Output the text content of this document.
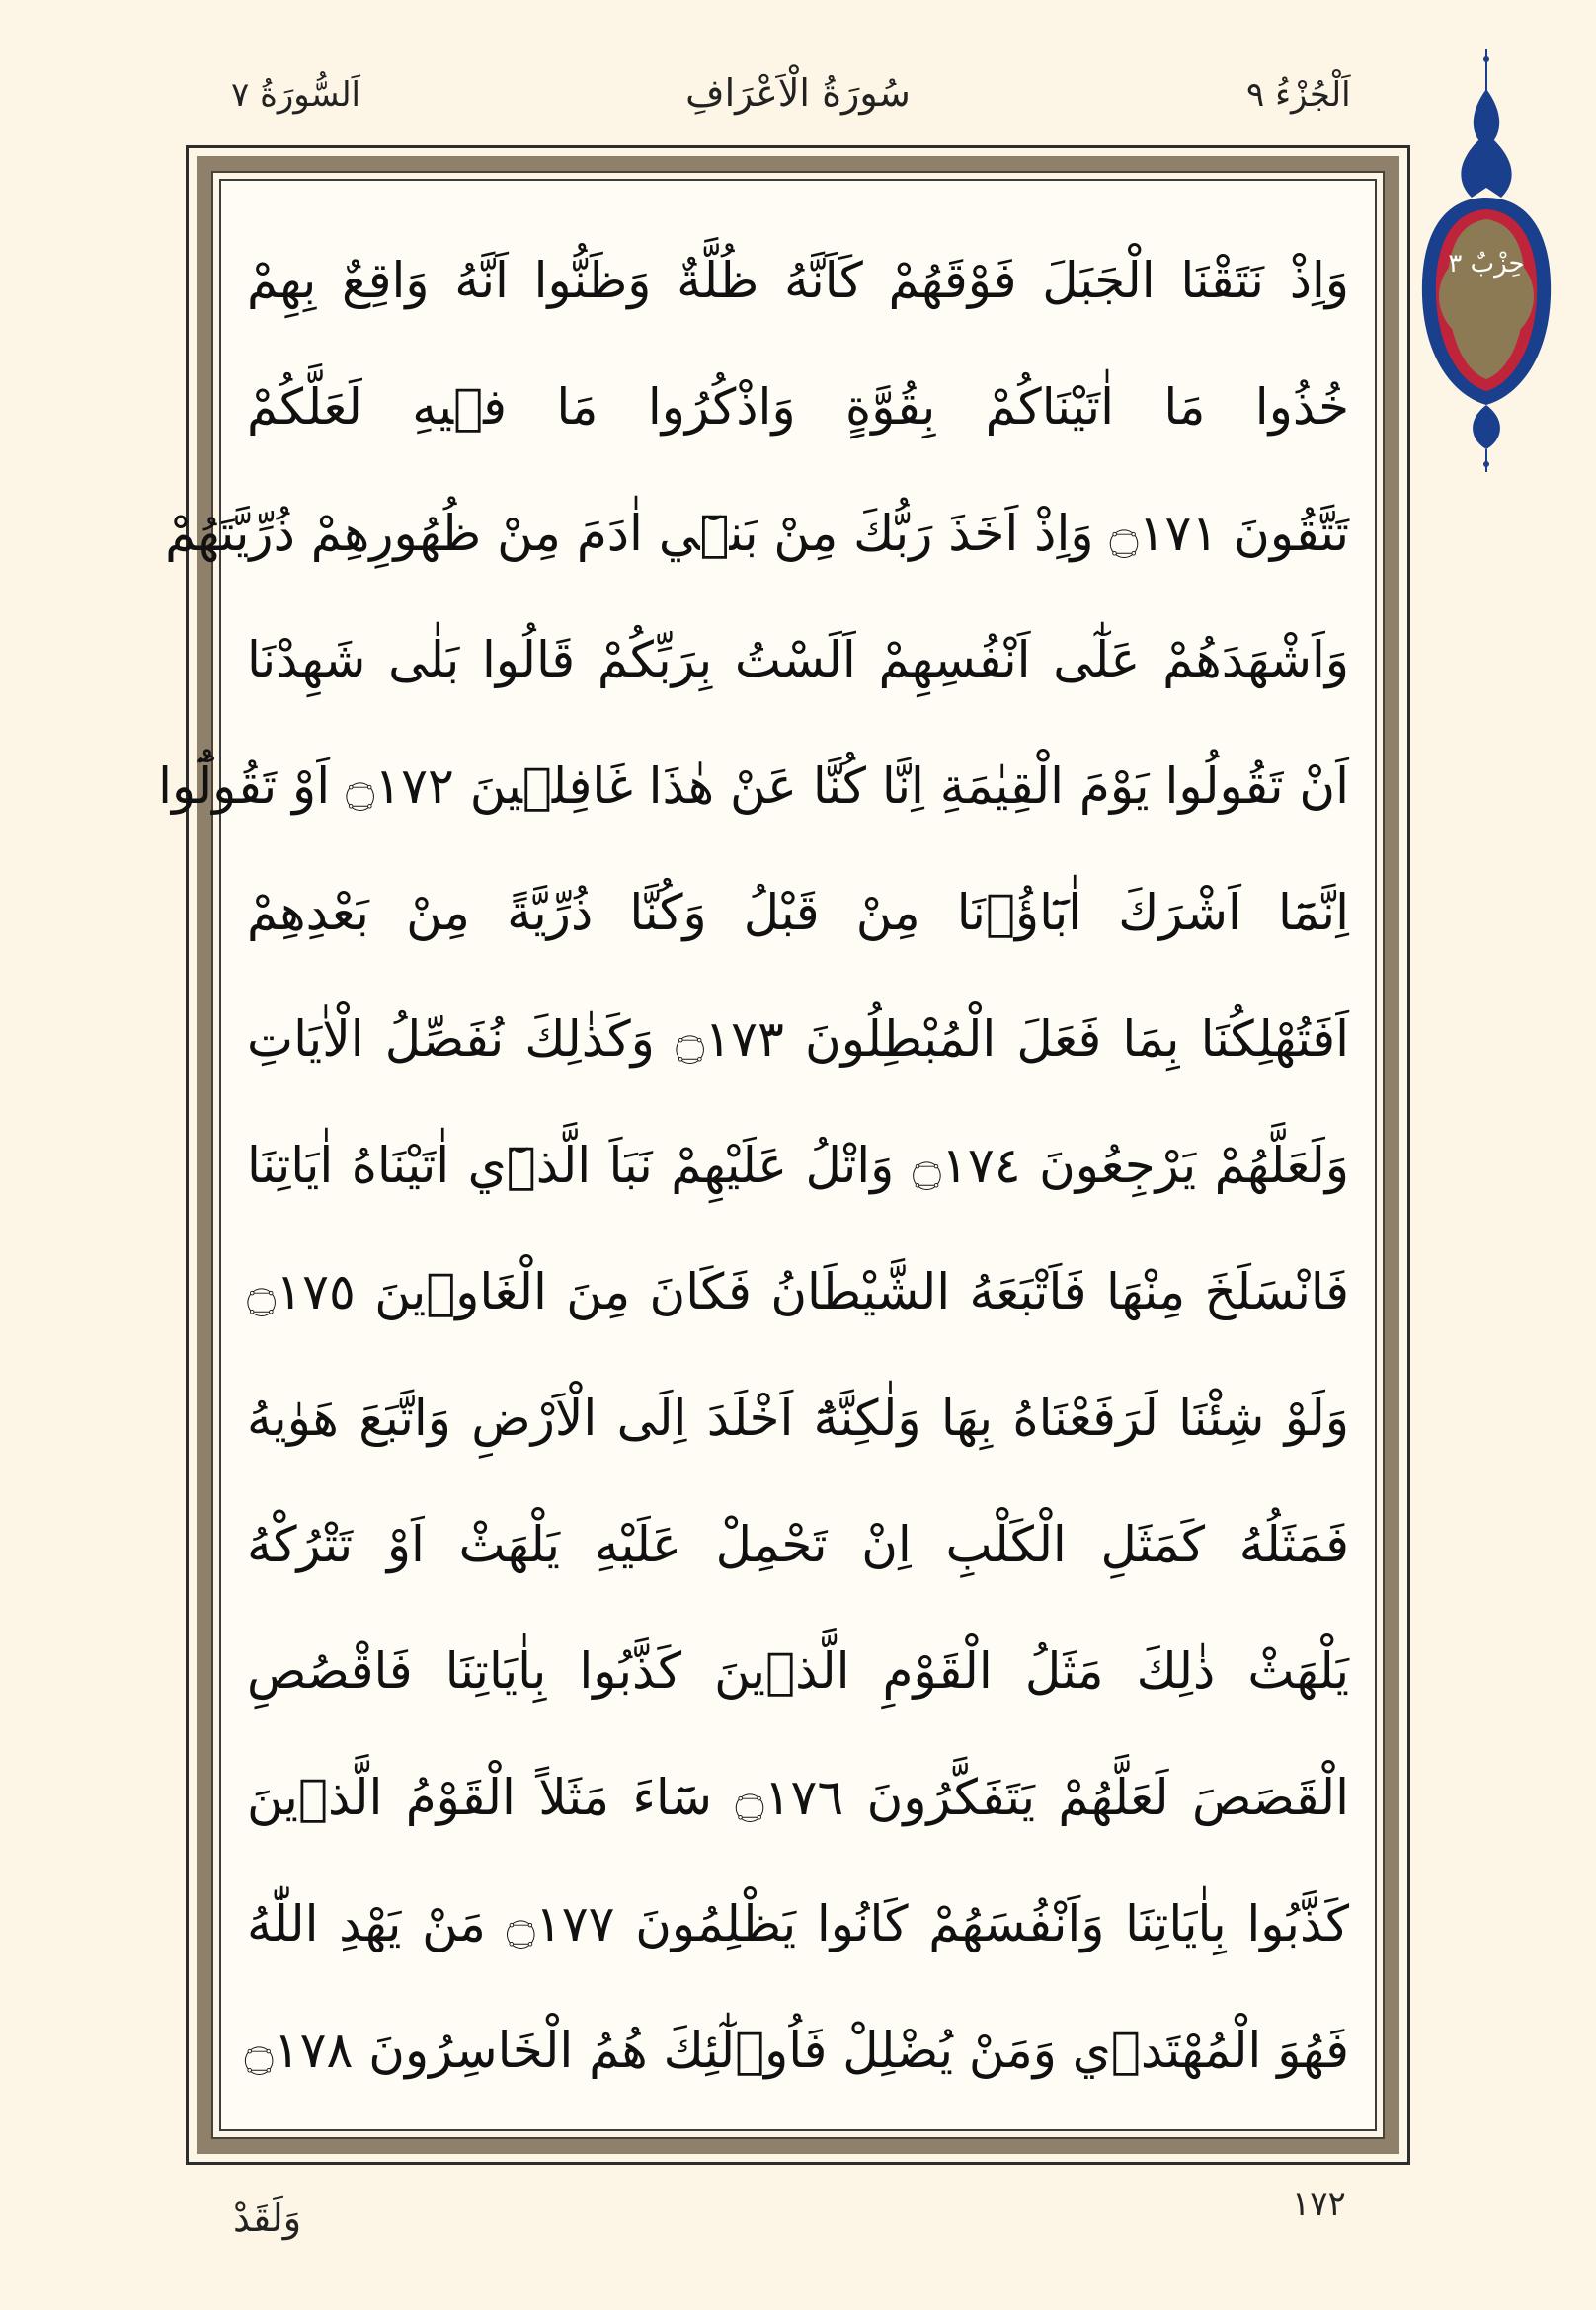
اَلسُّورَةُ ٧	سُورَةُ الْاَعْرَافِ	اَلْجُزْءُ ٩
وَاِذْ نَتَقْنَا الْجَبَلَ فَوْقَهُمْ كَاَنَّهُ ظُلَّةٌ وَظَنُّوا اَنَّهُ وَاقِعٌ بِهِمْ
خُذُوا مَا اٰتَيْنَاكُمْ بِقُوَّةٍ وَاذْكُرُوا مَا ف۪يهِ لَعَلَّكُمْ
تَتَّقُونَ ۝١٧١ وَاِذْ اَخَذَ رَبُّكَ مِنْ بَن۪ٓي اٰدَمَ مِنْ ظُهُورِهِمْ ذُرِّيَّتَهُمْ
وَاَشْهَدَهُمْ عَلٰٓى اَنْفُسِهِمْ اَلَسْتُ بِرَبِّكُمْ قَالُوا بَلٰى شَهِدْنَا
اَنْ تَقُولُوا يَوْمَ الْقِيٰمَةِ اِنَّا كُنَّا عَنْ هٰذَا غَافِل۪ينَ ۝١٧٢ اَوْ تَقُولُٓوا
اِنَّمَٓا اَشْرَكَ اٰبَٓاؤُ۬نَا مِنْ قَبْلُ وَكُنَّا ذُرِّيَّةً مِنْ بَعْدِهِمْ
اَفَتُهْلِكُنَا بِمَا فَعَلَ الْمُبْطِلُونَ ۝١٧٣ وَكَذٰلِكَ نُفَصِّلُ الْاٰيَاتِ
وَلَعَلَّهُمْ يَرْجِعُونَ ۝١٧٤ وَاتْلُ عَلَيْهِمْ نَبَاَ الَّذ۪ٓي اٰتَيْنَاهُ اٰيَاتِنَا
فَانْسَلَخَ مِنْهَا فَاَتْبَعَهُ الشَّيْطَانُ فَكَانَ مِنَ الْغَاو۪ينَ ۝١٧٥
وَلَوْ شِئْنَا لَرَفَعْنَاهُ بِهَا وَلٰكِنَّهُٓ اَخْلَدَ اِلَى الْاَرْضِ وَاتَّبَعَ هَوٰيهُ
فَمَثَلُهُ كَمَثَلِ الْكَلْبِ اِنْ تَحْمِلْ عَلَيْهِ يَلْهَثْ اَوْ تَتْرُكْهُ
يَلْهَثْ ذٰلِكَ مَثَلُ الْقَوْمِ الَّذ۪ينَ كَذَّبُوا بِاٰيَاتِنَا فَاقْصُصِ
الْقَصَصَ لَعَلَّهُمْ يَتَفَكَّرُونَ ۝١٧٦ سَٓاءَ مَثَلاً الْقَوْمُ الَّذ۪ينَ
كَذَّبُوا بِاٰيَاتِنَا وَاَنْفُسَهُمْ كَانُوا يَظْلِمُونَ ۝١٧٧ مَنْ يَهْدِ اللّٰهُ
فَهُوَ الْمُهْتَد۪ي وَمَنْ يُضْلِلْ فَاُو۬لٰٓئِكَ هُمُ الْخَاسِرُونَ ۝١٧٨
حِزْبٌ ٣
١٧٢
وَلَقَدْ
